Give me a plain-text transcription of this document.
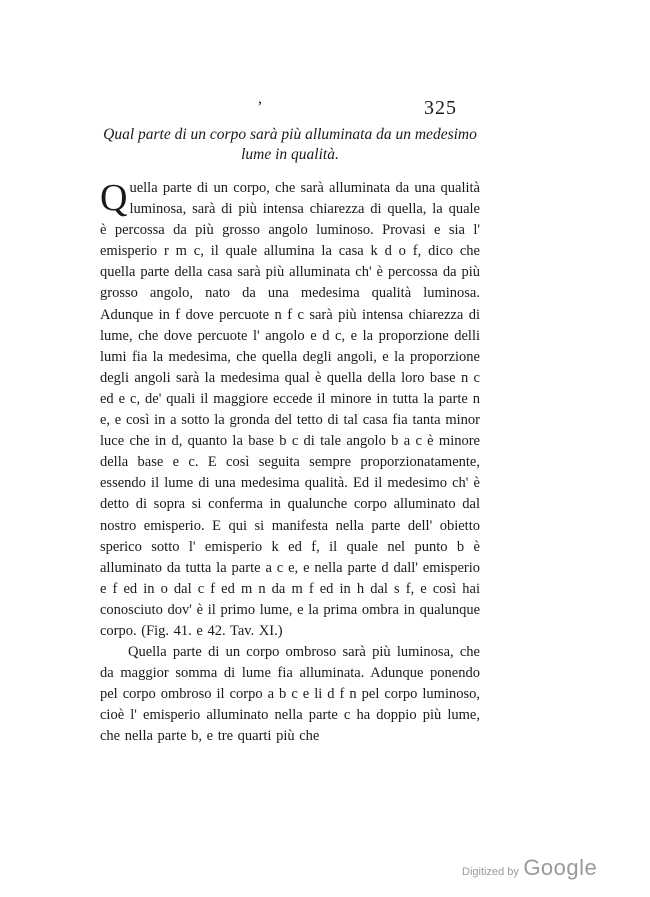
,	325
Qual parte di un corpo sarà più alluminata da un medesimo lume in qualità.

Quella parte di un corpo, che sarà alluminata da una qualità luminosa, sarà di più intensa chiarezza di quella, la quale è percossa da più grosso angolo luminoso. Provasi e sia l' emisperio r m c, il quale allumina la casa k d o f, dico che quella parte della casa sarà più alluminata ch' è percossa da più grosso angolo, nato da una medesima qualità luminosa. Adunque in f dove percuote n f c sarà più intensa chiarezza di lume, che dove percuote l' angolo e d c, e la proporzione delli lumi fia la medesima, che quella degli angoli, e la proporzione degli angoli sarà la medesima qual è quella della loro base n c ed e c, de' quali il maggiore eccede il minore in tutta la parte n e, e così in a sotto la gronda del tetto di tal casa fia tanta minor luce che in d, quanto la base b c di tale angolo b a c è minore della base e c. E così seguita sempre proporzionatamente, essendo il lume di una medesima qualità. Ed il medesimo ch' è detto di sopra si conferma in qualunche corpo alluminato dal nostro emisperio. E qui si manifesta nella parte dell' obietto sperico sotto l' emisperio k ed f, il quale nel punto b è alluminato da tutta la parte a c e, e nella parte d dall' emisperio e f ed in o dal c f ed m n da m f ed in h dal s f, e così hai conosciuto dov' è il primo lume, e la prima ombra in qualunque corpo. (Fig. 41. e 42. Tav. XI.)

Quella parte di un corpo ombroso sarà più luminosa, che da maggior somma di lume fia alluminata. Adunque ponendo pel corpo ombroso il corpo a b c e li d f n pel corpo luminoso, cioè l' emisperio alluminato nella parte c ha doppio più lume, che nella parte b, e tre quarti più che

Digitized by Google
